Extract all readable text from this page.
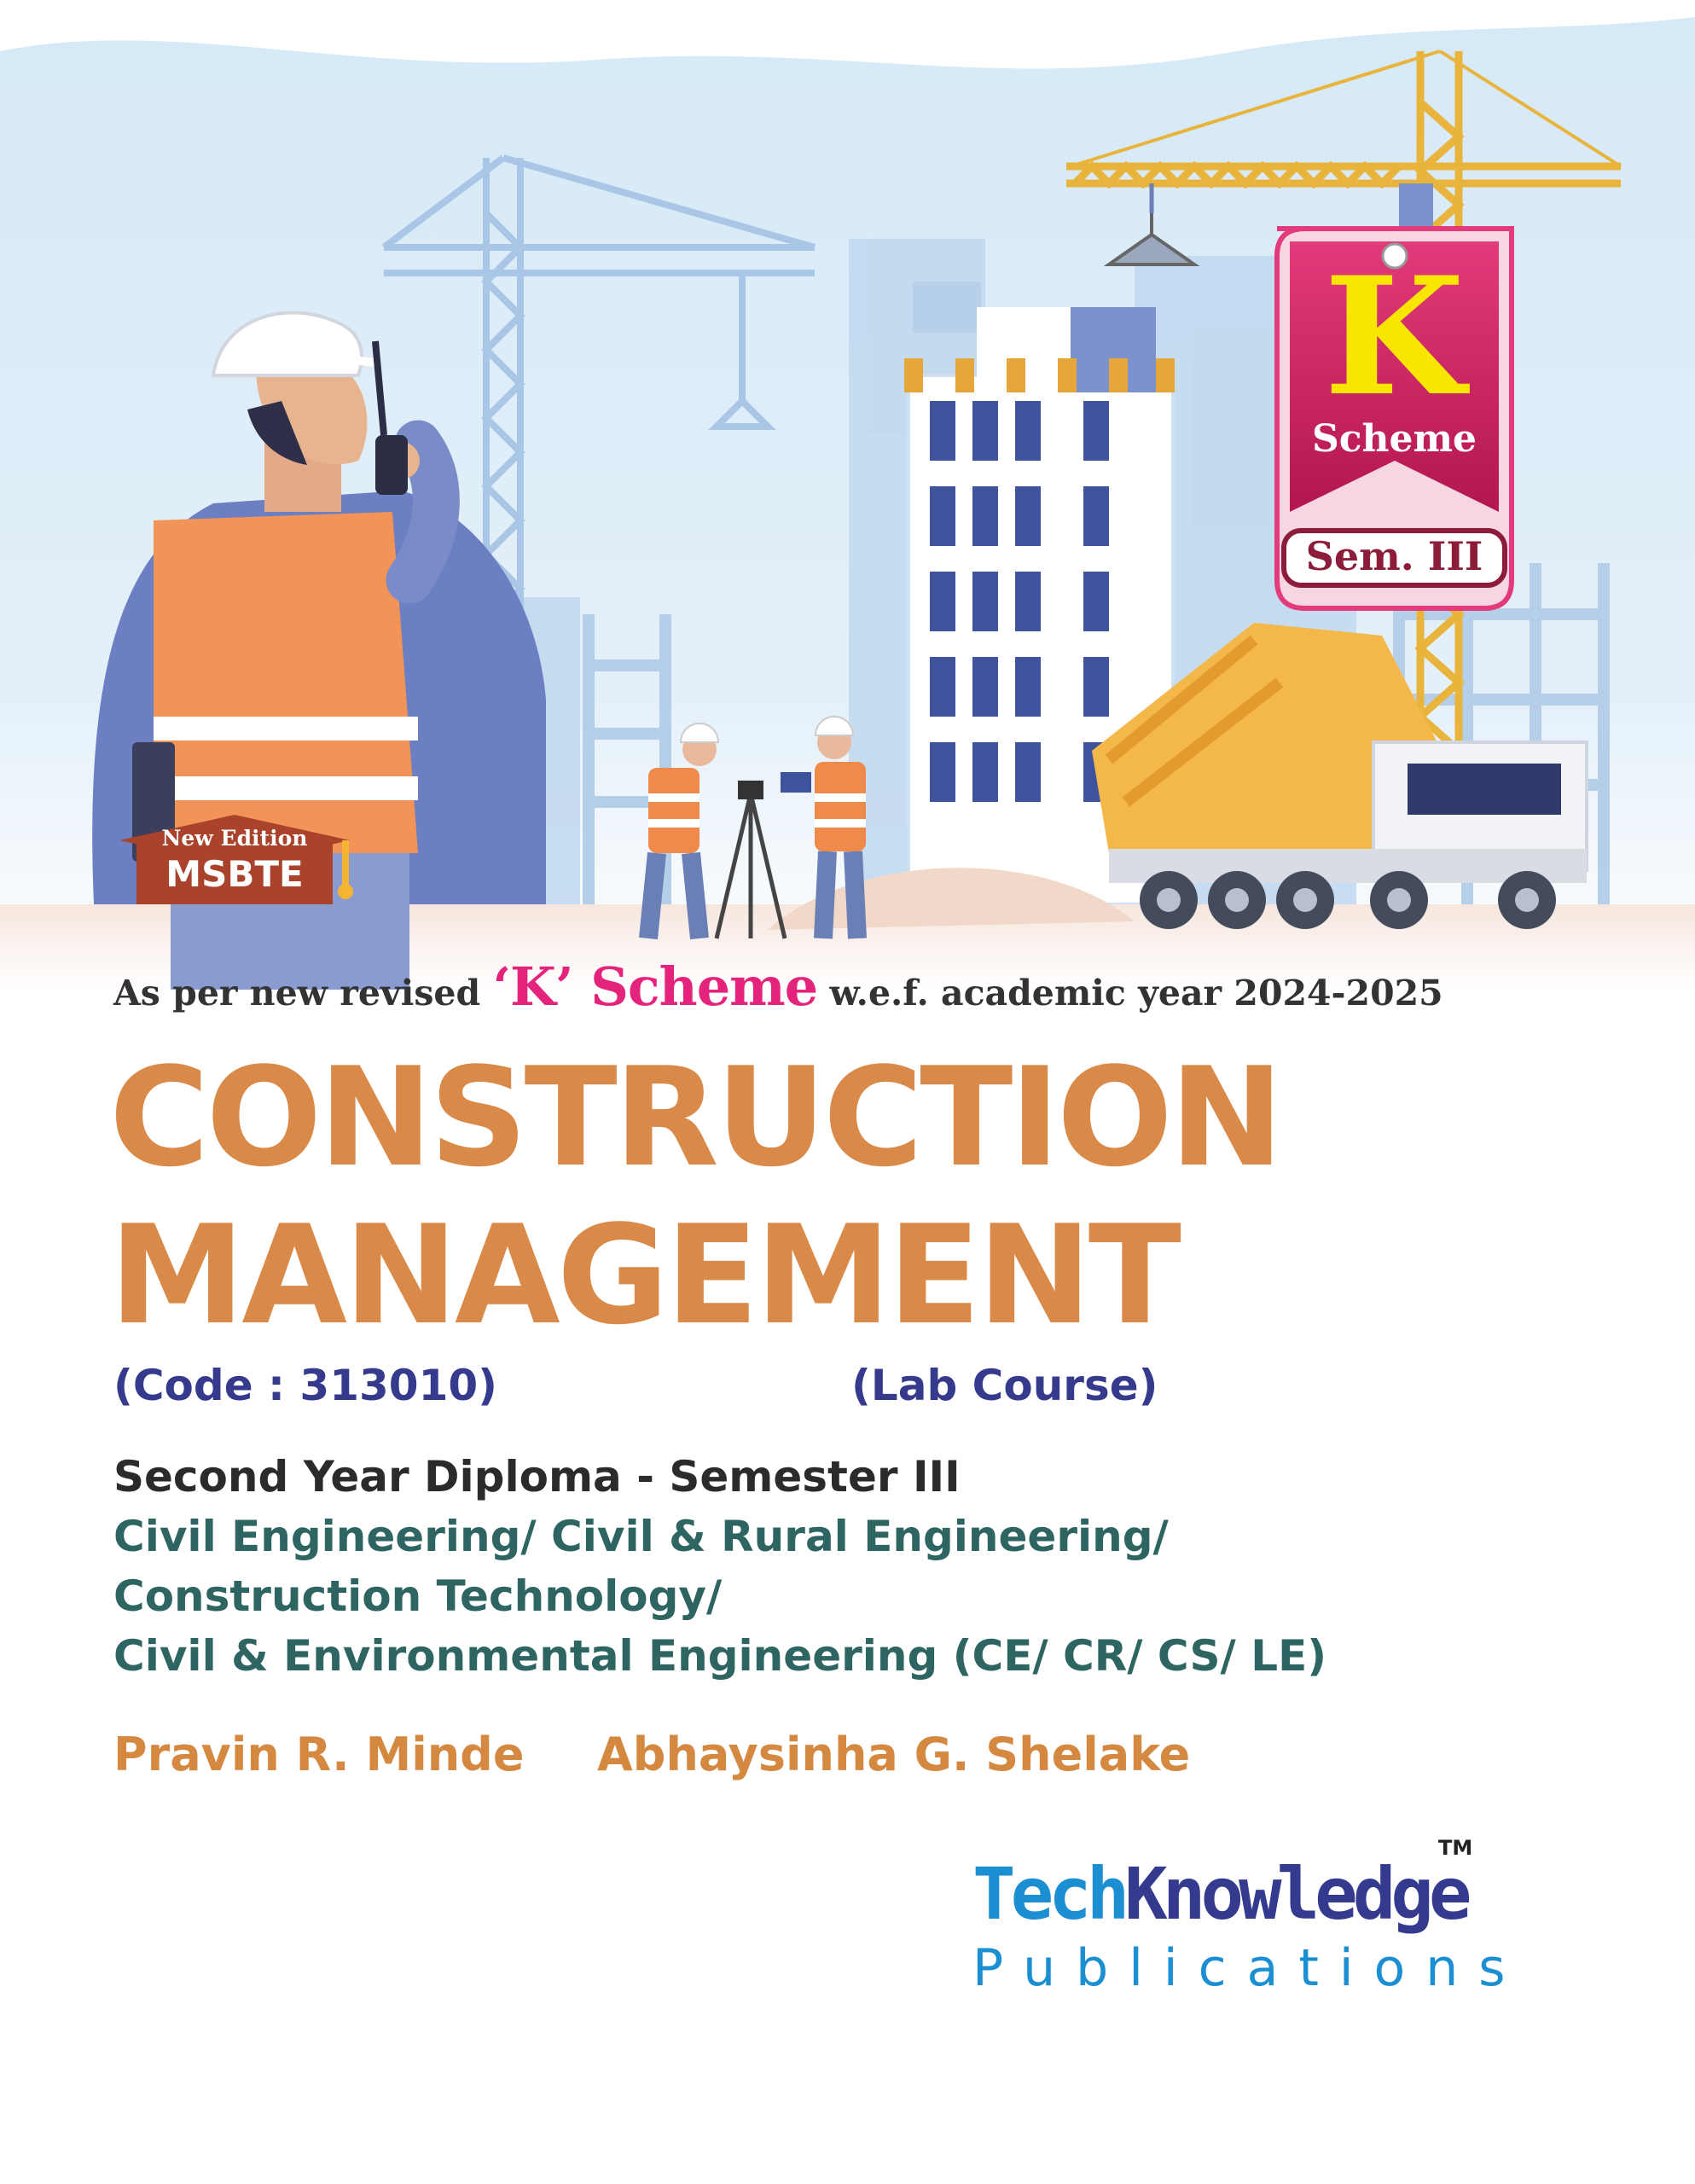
K
Scheme
Sem. III
New Edition
MSBTE
As per new revised ‘K’ Scheme w.e.f. academic year 2024-2025
CONSTRUCTION
MANAGEMENT
(Code : 313010)	(Lab Course)
Second Year Diploma - Semester III
Civil Engineering/ Civil & Rural Engineering/
Construction Technology/
Civil & Environmental Engineering (CE/ CR/ CS/ LE)
Pravin R. Minde Abhaysinha G. Shelake
TechKnowledge
TM
Publications
